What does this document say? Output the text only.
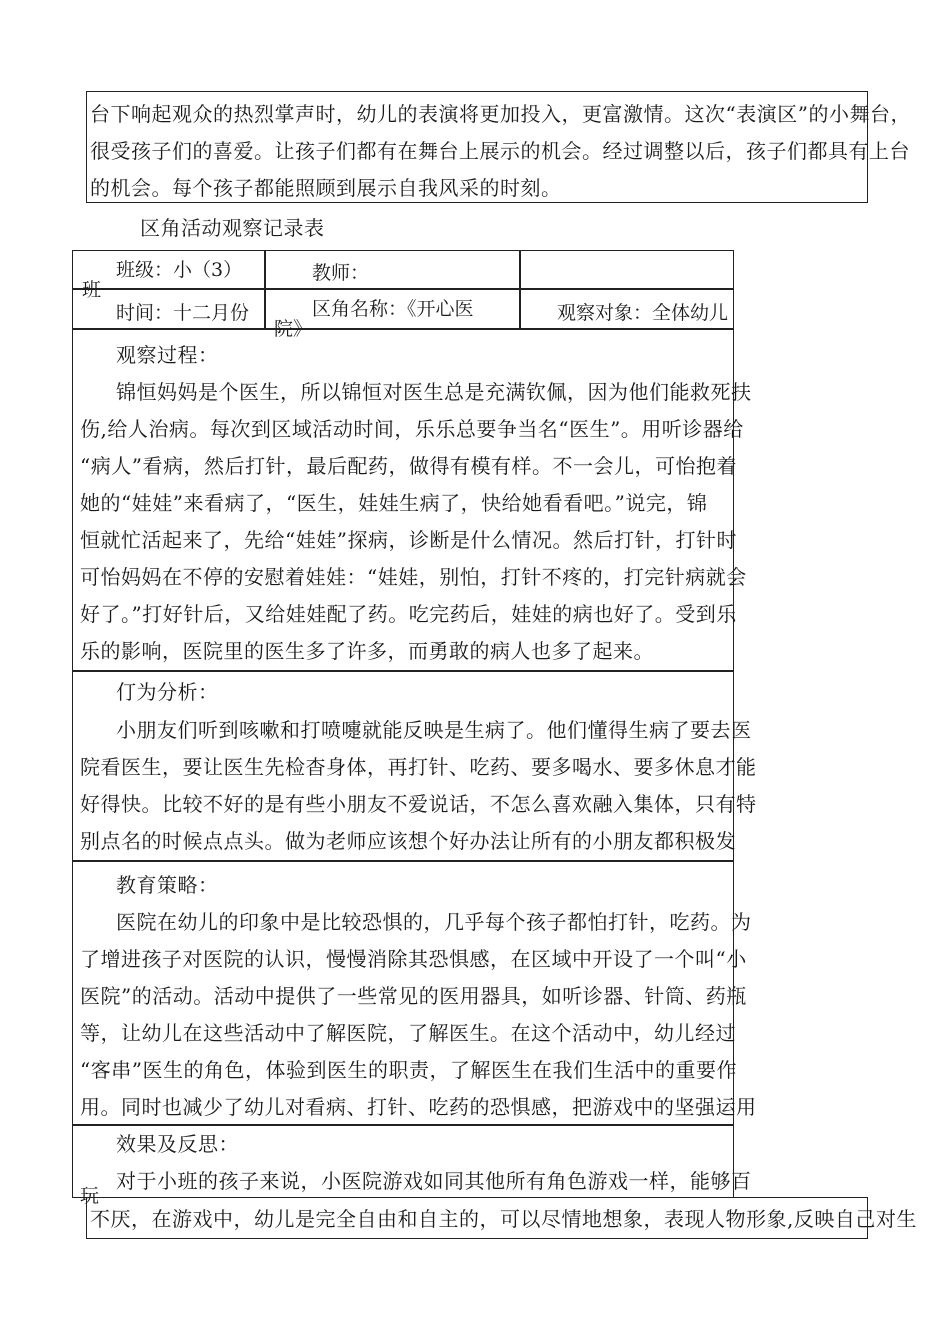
台下响起观众的热烈掌声时，幼儿的表演将更加投入，更富激情。这次“表演区”的小舞台，
很受孩子们的喜爱。让孩子们都有在舞台上展示的机会。经过调整以后，孩子们都具有上台
的机会。每个孩子都能照顾到展示自我风采的时刻。
区角活动观察记录表
班级：小（3）
班
教师：
时间：十二月份	区角名称：《开心医
院》
观察对象：全体幼儿
观察过程：
锦恒妈妈是个医生，所以锦恒对医生总是充满钦佩，因为他们能救死扶
伤,给人治病。每次到区域活动时间，乐乐总要争当名“医生”。用听诊器给
“病人”看病，然后打针，最后配药，做得有模有样。不一会儿，可怡抱着
她的“娃娃”来看病了，“医生，娃娃生病了，快给她看看吧。”说完，锦
恒就忙活起来了，先给“娃娃”探病，诊断是什么情况。然后打针，打针时
可怡妈妈在不停的安慰着娃娃：“娃娃，别怕，打针不疼的，打完针病就会
好了。”打好针后，又给娃娃配了药。吃完药后，娃娃的病也好了。受到乐
乐的影响，医院里的医生多了许多，而勇敢的病人也多了起来。
仃为分析：
小朋友们听到咳嗽和打喷嚏就能反映是生病了。他们懂得生病了要去医
院看医生，要让医生先检杳身体，再打针、吃药、要多喝水、要多休息才能
好得快。比较不好的是有些小朋友不爱说话，不怎么喜欢融入集体，只有特
别点名的时候点点头。做为老师应该想个好办法让所有的小朋友都积极发
教育策略：
医院在幼儿的印象中是比较恐惧的，几乎每个孩子都怕打针，吃药。为
了增进孩子对医院的认识，慢慢消除其恐惧感，在区域中开设了一个叫“小
医院”的活动。活动中提供了一些常见的医用器具，如听诊器、针筒、药瓶
等，让幼儿在这些活动中了解医院，了解医生。在这个活动中，幼儿经过
“客串”医生的角色，体验到医生的职责，了解医生在我们生活中的重要作
用。同时也减少了幼儿对看病、打针、吃药的恐惧感，把游戏中的坚强运用
效果及反思：
对于小班的孩子来说，小医院游戏如同其他所有角色游戏一样，能够百
玩
不厌，在游戏中，幼儿是完全自由和自主的，可以尽情地想象，表现人物形象,反映自己对生
